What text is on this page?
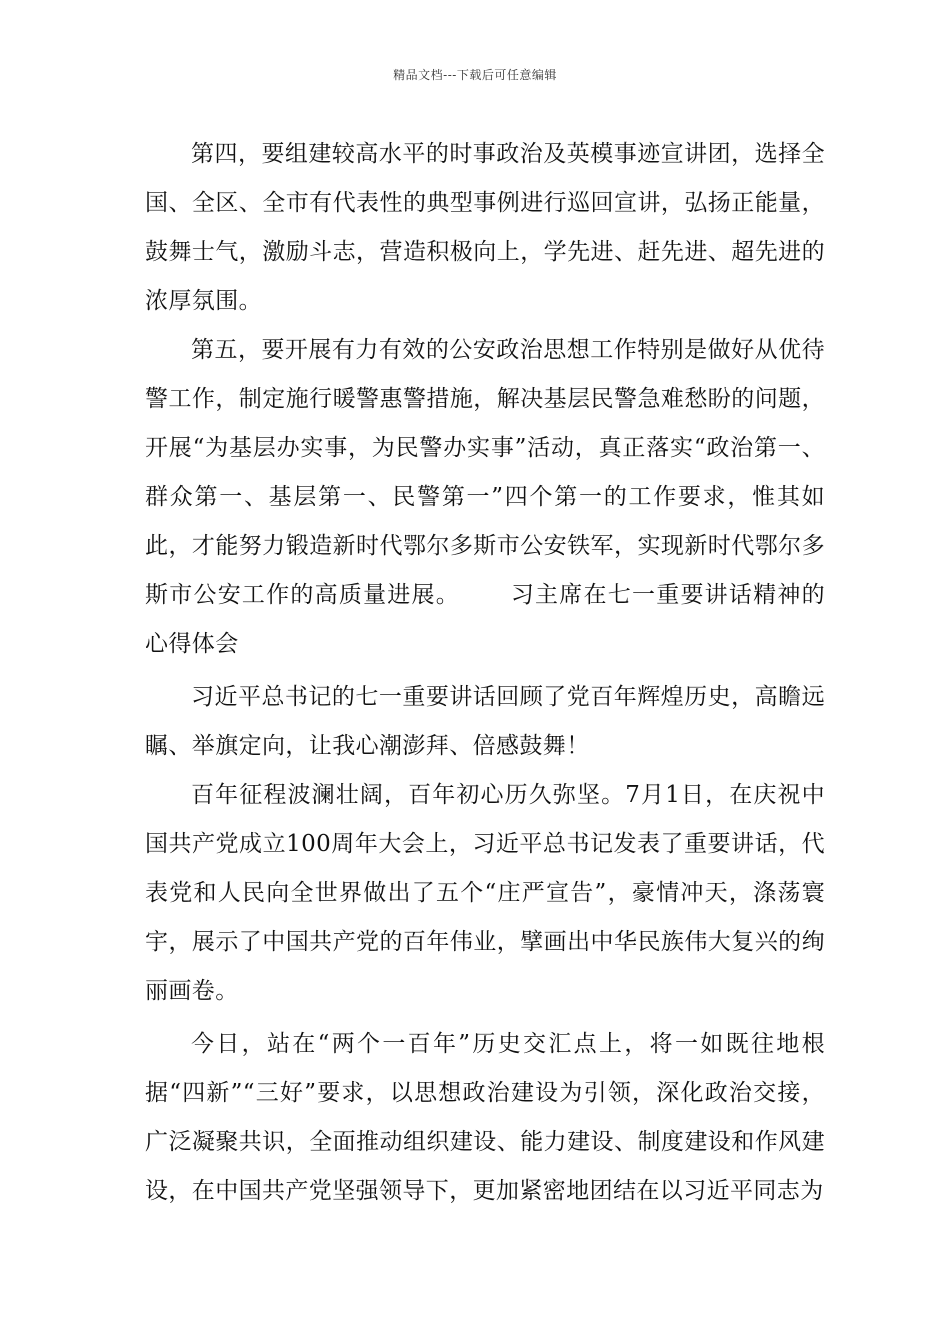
精品文档---下载后可任意编辑

第四，要组建较高水平的时事政治及英模事迹宣讲团，选择全国、全区、全市有代表性的典型事例进行巡回宣讲，弘扬正能量，鼓舞士气，激励斗志，营造积极向上，学先进、赶先进、超先进的浓厚氛围。

第五，要开展有力有效的公安政治思想工作特别是做好从优待警工作，制定施行暖警惠警措施，解决基层民警急难愁盼的问题，开展“为基层办实事，为民警办实事”活动，真正落实“政治第一、群众第一、基层第一、民警第一”四个第一的工作要求，惟其如此，才能努力锻造新时代鄂尔多斯市公安铁军，实现新时代鄂尔多斯市公安工作的高质量进展。 习主席在七一重要讲话精神的心得体会

习近平总书记的七一重要讲话回顾了党百年辉煌历史，高瞻远瞩、举旗定向，让我心潮澎拜、倍感鼓舞！

百年征程波澜壮阔，百年初心历久弥坚。7月1日，在庆祝中国共产党成立100周年大会上，习近平总书记发表了重要讲话，代表党和人民向全世界做出了五个“庄严宣告”，豪情冲天，涤荡寰宇，展示了中国共产党的百年伟业，擘画出中华民族伟大复兴的绚丽画卷。

今日，站在“两个一百年”历史交汇点上，将一如既往地根据“四新”“三好”要求，以思想政治建设为引领，深化政治交接，广泛凝聚共识，全面推动组织建设、能力建设、制度建设和作风建设，在中国共产党坚强领导下，更加紧密地团结在以习近平同志为
